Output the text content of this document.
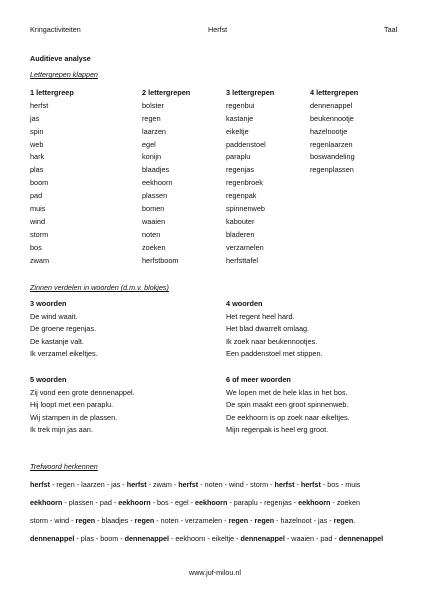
Kringactiviteiten	Herfst	Taal
Auditieve analyse
Lettergrepen klappen
1 lettergreep
herfst
jas
spin
web
hark
plas
boom
pad
muis
wind
storm
bos
zwam
2 lettergrepen
bolster
regen
laarzen
egel
konijn
blaadjes
eekhoorn
plassen
bomen
waaien
noten
zoeken
herfstboom
3 lettergrepen
regenbui
kastanje
eikeltje
paddenstoel
paraplu
regenjas
regenbroek
regenpak
spinnenweb
kabouter
bladeren
verzamelen
herfsttafel
4 lettergrepen
dennenappel
beukennootje
hazelnootje
regenlaarzen
boswandeling
regenplassen
Zinnen verdelen in woorden (d.m.v. blokjes)
3 woorden
De wind waait.
De groene regenjas.
De kastanje valt.
Ik verzamel eikeltjes.
4 woorden
Het regent heel hard.
Het blad dwarrelt omlaag.
Ik zoek naar beukennootjes.
Een paddenstoel met stippen.
5 woorden
Zij vond een grote dennenappel.
Hij loopt met een paraplu.
Wij stampen in de plassen.
Ik trek mijn jas aan.
6 of meer woorden
We lopen met de hele klas in het bos.
De spin maakt een groot spinnenweb.
De eekhoorn is op zoek naar eikeltjes.
Mijn regenpak is heel erg groot.
Trefwoord herkennen
herfst - regen - laarzen - jas - herfst - zwam - herfst - noten - wind - storm - herfst - herfst - bos - muis
eekhoorn - plassen - pad - eekhoorn - bos - egel - eekhoorn - paraplu - regenjas - eekhoorn - zoeken
storm - wind - regen - blaadjes - regen - noten - verzamelen - regen - regen - hazelnoot - jas - regen.
dennenappel - plas - boom - dennenappel - eekhoorn - eikeltje - dennenappel - waaien - pad - dennenappel
www.juf-milou.nl
